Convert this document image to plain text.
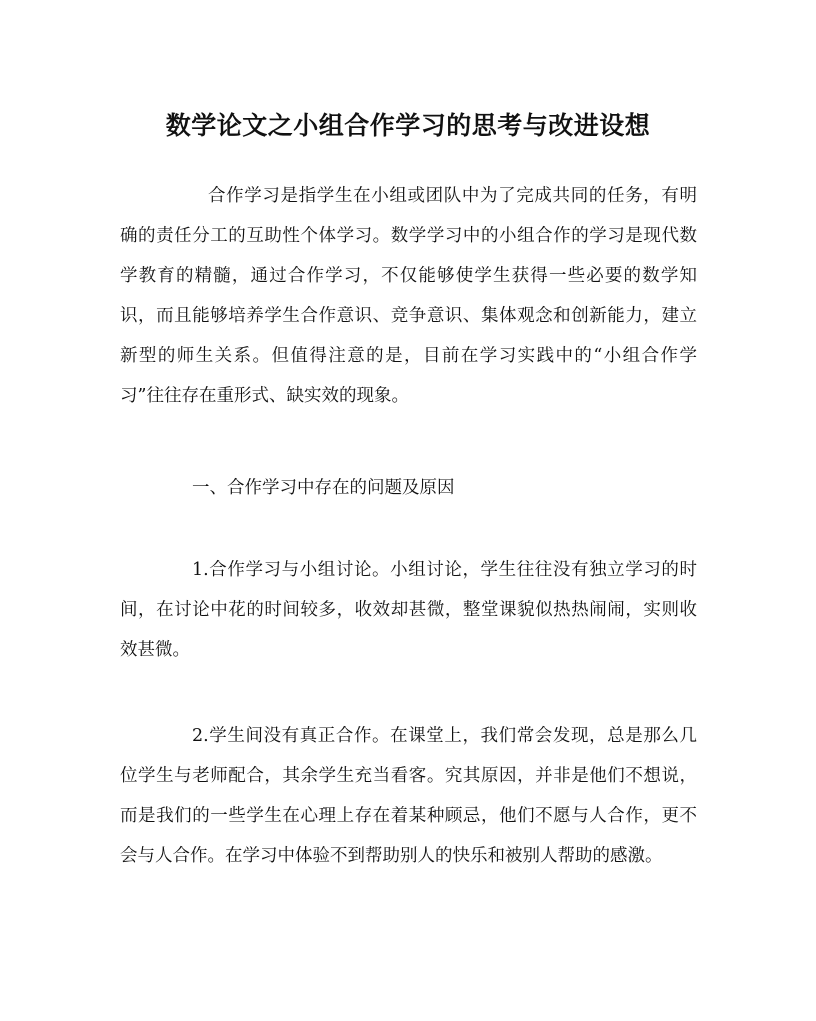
数学论文之小组合作学习的思考与改进设想

合作学习是指学生在小组或团队中为了完成共同的任务，有明确的责任分工的互助性个体学习。数学学习中的小组合作的学习是现代数学教育的精髓，通过合作学习，不仅能够使学生获得一些必要的数学知识，而且能够培养学生合作意识、竞争意识、集体观念和创新能力，建立新型的师生关系。但值得注意的是，目前在学习实践中的“小组合作学习”往往存在重形式、缺实效的现象。

一、合作学习中存在的问题及原因

1.合作学习与小组讨论。小组讨论，学生往往没有独立学习的时间，在讨论中花的时间较多，收效却甚微，整堂课貌似热热闹闹，实则收效甚微。

2.学生间没有真正合作。在课堂上，我们常会发现，总是那么几位学生与老师配合，其余学生充当看客。究其原因，并非是他们不想说，而是我们的一些学生在心理上存在着某种顾忌，他们不愿与人合作，更不会与人合作。在学习中体验不到帮助别人的快乐和被别人帮助的感激。
